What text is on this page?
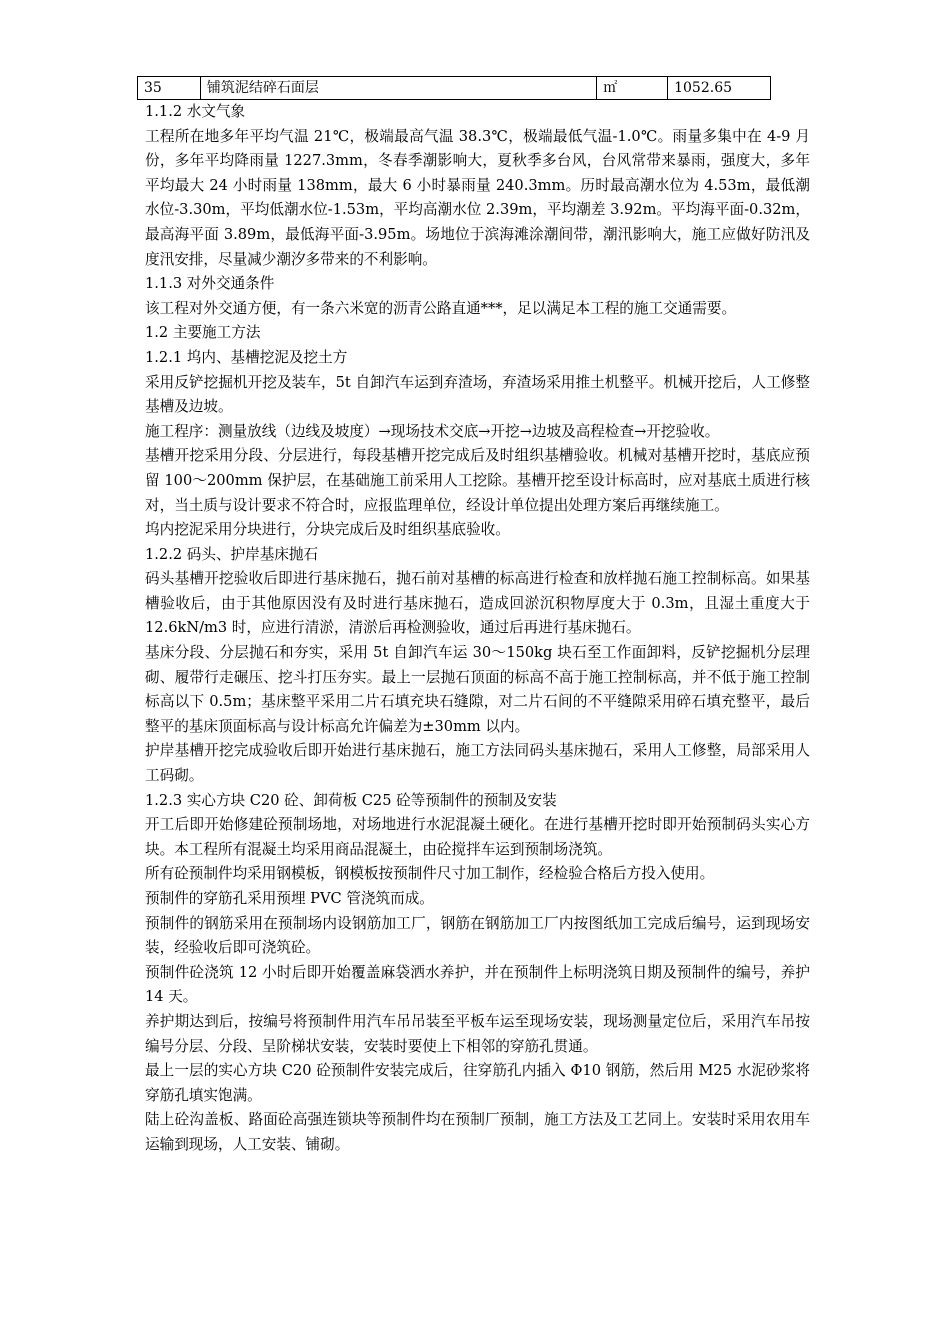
35	铺筑泥结碎石面层	㎡	1052.65

1.1.2 水文气象

工程所在地多年平均气温 21℃，极端最高气温 38.3℃，极端最低气温-1.0℃。雨量多集中在 4-9 月份，多年平均降雨量 1227.3mm，冬春季潮影响大，夏秋季多台风，台风常带来暴雨，强度大，多年平均最大 24 小时雨量 138mm，最大 6 小时暴雨量 240.3mm。历时最高潮水位为 4.53m，最低潮水位-3.30m，平均低潮水位-1.53m，平均高潮水位 2.39m，平均潮差 3.92m。平均海平面-0.32m，最高海平面 3.89m，最低海平面-3.95m。场地位于滨海滩涂潮间带，潮汛影响大，施工应做好防汛及度汛安排，尽量减少潮汐多带来的不利影响。

1.1.3 对外交通条件

该工程对外交通方便，有一条六米宽的沥青公路直通***，足以满足本工程的施工交通需要。

1.2 主要施工方法

1.2.1 坞内、基槽挖泥及挖土方

采用反铲挖掘机开挖及装车，5t 自卸汽车运到弃渣场，弃渣场采用推土机整平。机械开挖后，人工修整基槽及边坡。

施工程序：测量放线（边线及坡度）→现场技术交底→开挖→边坡及高程检查→开挖验收。

基槽开挖采用分段、分层进行，每段基槽开挖完成后及时组织基槽验收。机械对基槽开挖时，基底应预留 100～200mm 保护层，在基础施工前采用人工挖除。基槽开挖至设计标高时，应对基底土质进行核对，当土质与设计要求不符合时，应报监理单位，经设计单位提出处理方案后再继续施工。

坞内挖泥采用分块进行，分块完成后及时组织基底验收。

1.2.2 码头、护岸基床抛石

码头基槽开挖验收后即进行基床抛石，抛石前对基槽的标高进行检查和放样抛石施工控制标高。如果基槽验收后，由于其他原因没有及时进行基床抛石，造成回淤沉积物厚度大于 0.3m，且湿土重度大于 12.6kN/m3 时，应进行清淤，清淤后再检测验收，通过后再进行基床抛石。

基床分段、分层抛石和夯实，采用 5t 自卸汽车运 30～150kg 块石至工作面卸料，反铲挖掘机分层理砌、履带行走碾压、挖斗打压夯实。最上一层抛石顶面的标高不高于施工控制标高，并不低于施工控制标高以下 0.5m；基床整平采用二片石填充块石缝隙，对二片石间的不平缝隙采用碎石填充整平，最后整平的基床顶面标高与设计标高允许偏差为±30mm 以内。

护岸基槽开挖完成验收后即开始进行基床抛石，施工方法同码头基床抛石，采用人工修整，局部采用人工码砌。

1.2.3 实心方块 C20 砼、卸荷板 C25 砼等预制件的预制及安装

开工后即开始修建砼预制场地，对场地进行水泥混凝土硬化。在进行基槽开挖时即开始预制码头实心方块。本工程所有混凝土均采用商品混凝土，由砼搅拌车运到预制场浇筑。

所有砼预制件均采用钢模板，钢模板按预制件尺寸加工制作，经检验合格后方投入使用。

预制件的穿筋孔采用预埋 PVC 管浇筑而成。

预制件的钢筋采用在预制场内设钢筋加工厂，钢筋在钢筋加工厂内按图纸加工完成后编号，运到现场安装，经验收后即可浇筑砼。

预制件砼浇筑 12 小时后即开始覆盖麻袋洒水养护，并在预制件上标明浇筑日期及预制件的编号，养护 14 天。

养护期达到后，按编号将预制件用汽车吊吊装至平板车运至现场安装，现场测量定位后，采用汽车吊按编号分层、分段、呈阶梯状安装，安装时要使上下相邻的穿筋孔贯通。

最上一层的实心方块 C20 砼预制件安装完成后，往穿筋孔内插入 Φ10 钢筋，然后用 M25 水泥砂浆将穿筋孔填实饱满。

陆上砼沟盖板、路面砼高强连锁块等预制件均在预制厂预制，施工方法及工艺同上。安装时采用农用车运输到现场，人工安装、铺砌。
